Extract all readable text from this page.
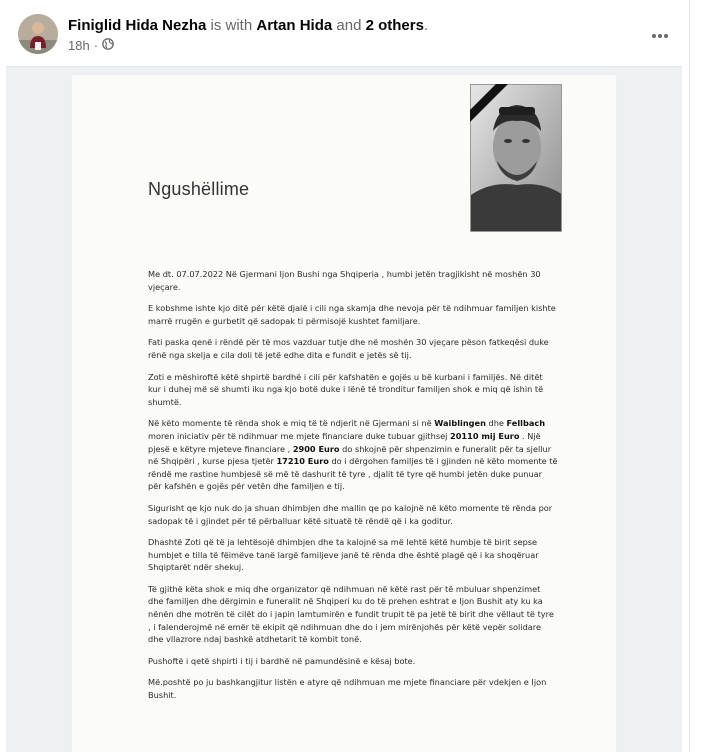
Finiglid Hida Nezha is with Artan Hida and 2 others.
18h ·
Ngushëllime

Me dt. 07.07.2022 Në Gjermani Ijon Bushi nga Shqiperia , humbi jetën tragjikisht në moshën 30 vjeçare.

E kobshme ishte kjo ditë për këtë djalë i cili nga skamja dhe nevoja për të ndihmuar familjen kishte marrë rrugën e gurbetit që sadopak ti përmisojë kushtet familjare.

Fati paska qenë i rëndë për të mos vazduar tutje dhe në moshën 30 vjeçare pëson fatkeqësi duke rënë nga skelja e cila doli të jetë edhe dita e fundit e jetës së tij.

Zoti e mëshiroftë këtë shpirtë bardhë i cili për kafshatën e gojës u bë kurbani i familjës. Në ditët kur i duhej më së shumti iku nga kjo botë duke i lënë të tronditur familjen shok e miq që ishin të shumtë.

Në këto momente të rënda shok e miq të të ndjerit në Gjermani si në Waiblingen dhe Fellbach moren iniciativ për të ndihmuar me mjete financiare duke tubuar gjithsej 20110 mij Euro . Një pjesë e këtyre mjeteve financiare , 2900 Euro do shkojnë për shpenzimin e funeralit për ta sjellur në Shqipëri , kurse pjesa tjetër 17210 Euro do i dërgohen familjes të i gjinden në këto momente të rëndë me rastine humbjesë së më të dashurit të tyre , djalit të tyre që humbi jetën duke punuar për kafshën e gojës për vetën dhe familjen e tij.

Sigurisht qe kjo nuk do ja shuan dhimbjen dhe mallin qe po kalojnë në këto momente të rënda por sadopak të i gjindet për të përballuar këtë situatë të rëndë që i ka goditur.

Dhashtë Zoti që të ja lehtësojë dhimbjen dhe ta kalojnë sa më lehtë këtë humbje të birit sepse humbjet e tilla të fëimëve tanë largë familjeve janë të rënda dhe është plagë që i ka shoqëruar Shqiptarët ndër shekuj.

Të gjithë këta shok e miq dhe organizator që ndihmuan në këtë rast për të mbuluar shpenzimet dhe familjen dhe dërgimin e funeralit në Shqiperi ku do të prehen eshtrat e Ijon Bushit aty ku ka nënën dhe motrën të cilët do i japin lamtumirën e fundit trupit të pa jetë të birit dhe vëllaut të tyre , i falenderojmë në emër të ekipit që ndihmuan dhe do i jem mirënjohës për këtë vepër solidare dhe vllazrore ndaj bashkë atdhetarit të kombit tonë.

Pushoftë i qetë shpirti i tij i bardhë në pamundësinë e kësaj bote.

Më.poshtë po ju bashkangjitur listën e atyre që ndihmuan me mjete financiare për vdekjen e Ijon Bushit.
